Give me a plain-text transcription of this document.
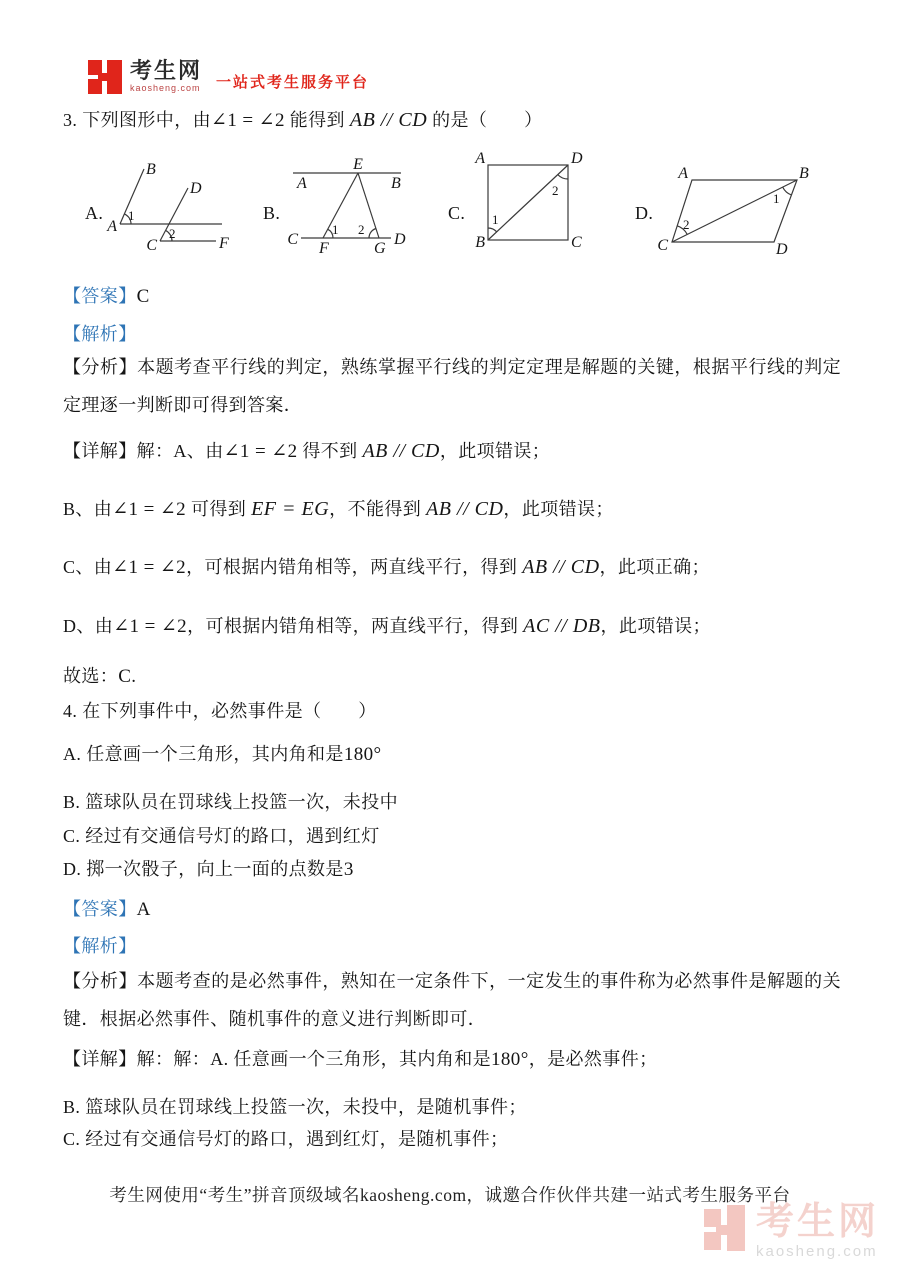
考生网
kaosheng.com 一站式考生服务平台
3. 下列图形中，由∠1 = ∠2 能得到 AB // CD 的是（　　）
A.	B.	C.	D.
A
B
1
C
D
2
F
A
E
B
C	D
F	G
1 2
A	D
B	C
1
2
A	B
C	D
2
1
【答案】C
【解析】
【分析】本题考查平行线的判定，熟练掌握平行线的判定定理是解题的关键，根据平行线的判定定理逐一判断即可得到答案．
【详解】解：A、由∠1 = ∠2 得不到 AB // CD，此项错误；
B、由∠1 = ∠2 可得到 EF = EG，不能得到 AB // CD，此项错误；
C、由∠1 = ∠2，可根据内错角相等，两直线平行，得到 AB // CD，此项正确；
D、由∠1 = ∠2，可根据内错角相等，两直线平行，得到 AC // DB，此项错误；
故选：C.
4. 在下列事件中，必然事件是（　　）
A. 任意画一个三角形，其内角和是180°
B. 篮球队员在罚球线上投篮一次，未投中
C. 经过有交通信号灯的路口，遇到红灯
D. 掷一次骰子，向上一面的点数是3
【答案】A
【解析】
【分析】本题考查的是必然事件，熟知在一定条件下，一定发生的事件称为必然事件是解题的关键．根据必然事件、随机事件的意义进行判断即可．
【详解】解：解：A. 任意画一个三角形，其内角和是180°，是必然事件；
B. 篮球队员在罚球线上投篮一次，未投中，是随机事件；
C. 经过有交通信号灯的路口，遇到红灯，是随机事件；
考生网使用“考生”拼音顶级域名kaosheng.com，诚邀合作伙伴共建一站式考生服务平台
考生网
kaosheng.com
